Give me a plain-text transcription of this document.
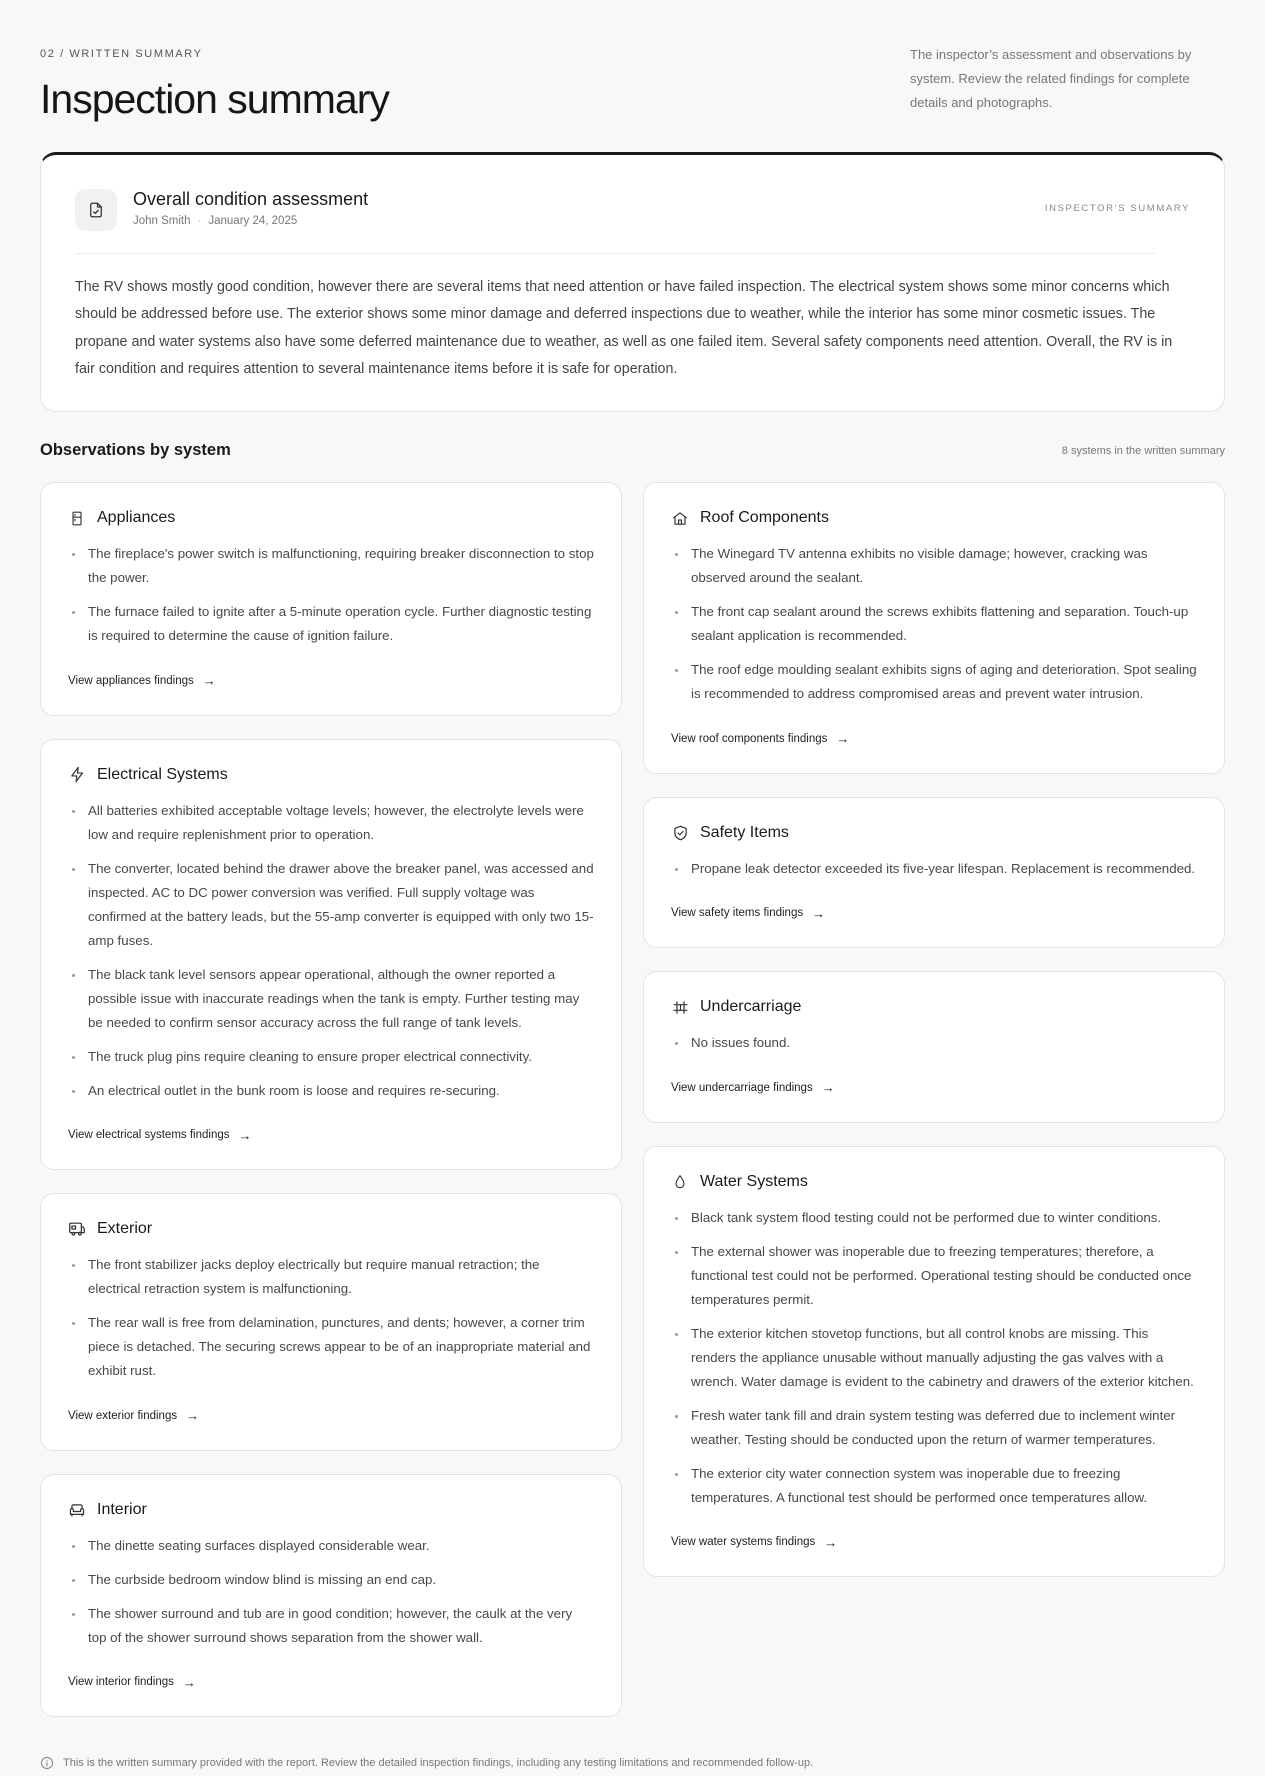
02 / WRITTEN SUMMARY
Inspection summary

The inspector’s assessment and observations by system. Review the related findings for complete details and photographs.

Overall condition assessment
John Smith · January 24, 2025
INSPECTOR’S SUMMARY

The RV shows mostly good condition, however there are several items that need attention or have failed inspection. The electrical system shows some minor concerns which should be addressed before use. The exterior shows some minor damage and deferred inspections due to weather, while the interior has some minor cosmetic issues. The propane and water systems also have some deferred maintenance due to weather, as well as one failed item. Several safety components need attention. Overall, the RV is in fair condition and requires attention to several maintenance items before it is safe for operation.

Observations by system	8 systems in the written summary
Appliances
The fireplace's power switch is malfunctioning, requiring breaker disconnection to stop the power.
The furnace failed to ignite after a 5-minute operation cycle. Further diagnostic testing is required to determine the cause of ignition failure.
View appliances findings →
Electrical Systems
All batteries exhibited acceptable voltage levels; however, the electrolyte levels were low and require replenishment prior to operation.
The converter, located behind the drawer above the breaker panel, was accessed and inspected. AC to DC power conversion was verified. Full supply voltage was confirmed at the battery leads, but the 55-amp converter is equipped with only two 15-amp fuses.
The black tank level sensors appear operational, although the owner reported a possible issue with inaccurate readings when the tank is empty. Further testing may be needed to confirm sensor accuracy across the full range of tank levels.
The truck plug pins require cleaning to ensure proper electrical connectivity.
An electrical outlet in the bunk room is loose and requires re-securing.
View electrical systems findings →
Exterior
The front stabilizer jacks deploy electrically but require manual retraction; the electrical retraction system is malfunctioning.
The rear wall is free from delamination, punctures, and dents; however, a corner trim piece is detached. The securing screws appear to be of an inappropriate material and exhibit rust.
View exterior findings →
Interior
The dinette seating surfaces displayed considerable wear.
The curbside bedroom window blind is missing an end cap.
The shower surround and tub are in good condition; however, the caulk at the very top of the shower surround shows separation from the shower wall.
View interior findings →
Roof Components
The Winegard TV antenna exhibits no visible damage; however, cracking was observed around the sealant.
The front cap sealant around the screws exhibits flattening and separation. Touch-up sealant application is recommended.
The roof edge moulding sealant exhibits signs of aging and deterioration. Spot sealing is recommended to address compromised areas and prevent water intrusion.
View roof components findings →
Safety Items
Propane leak detector exceeded its five-year lifespan. Replacement is recommended.
View safety items findings →
Undercarriage
No issues found.
View undercarriage findings →
Water Systems
Black tank system flood testing could not be performed due to winter conditions.
The external shower was inoperable due to freezing temperatures; therefore, a functional test could not be performed. Operational testing should be conducted once temperatures permit.
The exterior kitchen stovetop functions, but all control knobs are missing. This renders the appliance unusable without manually adjusting the gas valves with a wrench. Water damage is evident to the cabinetry and drawers of the exterior kitchen.
Fresh water tank fill and drain system testing was deferred due to inclement winter weather. Testing should be conducted upon the return of warmer temperatures.
The exterior city water connection system was inoperable due to freezing temperatures. A functional test should be performed once temperatures allow.
View water systems findings →
This is the written summary provided with the report. Review the detailed inspection findings, including any testing limitations and recommended follow-up.
